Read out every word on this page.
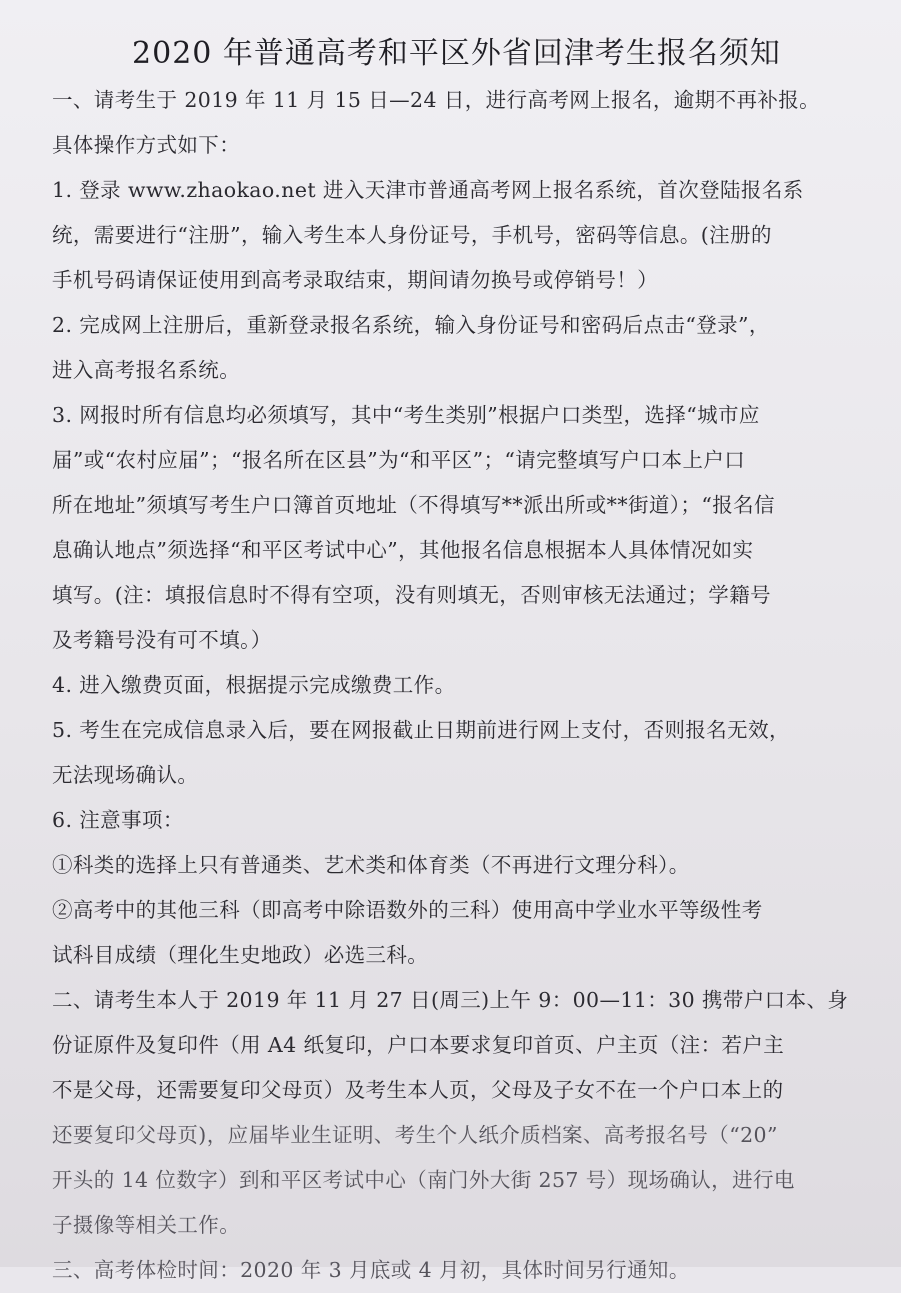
2020 年普通高考和平区外省回津考生报名须知

一、请考生于 2019 年 11 月 15 日—24 日，进行高考网上报名，逾期不再补报。

具体操作方式如下：

1. 登录 www.zhaokao.net 进入天津市普通高考网上报名系统，首次登陆报名系

统，需要进行“注册”，输入考生本人身份证号，手机号，密码等信息。(注册的

手机号码请保证使用到高考录取结束，期间请勿换号或停销号！）

2. 完成网上注册后，重新登录报名系统，输入身份证号和密码后点击“登录”，

进入高考报名系统。

3. 网报时所有信息均必须填写，其中“考生类别”根据户口类型，选择“城市应

届”或“农村应届”；“报名所在区县”为“和平区”；“请完整填写户口本上户口

所在地址”须填写考生户口簿首页地址（不得填写**派出所或**街道）；“报名信

息确认地点”须选择“和平区考试中心”，其他报名信息根据本人具体情况如实

填写。(注：填报信息时不得有空项，没有则填无，否则审核无法通过；学籍号

及考籍号没有可不填。）

4. 进入缴费页面，根据提示完成缴费工作。

5. 考生在完成信息录入后，要在网报截止日期前进行网上支付，否则报名无效，

无法现场确认。

6. 注意事项：

①科类的选择上只有普通类、艺术类和体育类（不再进行文理分科）。

②高考中的其他三科（即高考中除语数外的三科）使用高中学业水平等级性考

试科目成绩（理化生史地政）必选三科。

二、请考生本人于 2019 年 11 月 27 日(周三)上午 9：00—11：30 携带户口本、身

份证原件及复印件（用 A4 纸复印，户口本要求复印首页、户主页（注：若户主

不是父母，还需要复印父母页）及考生本人页，父母及子女不在一个户口本上的

还要复印父母页)，应届毕业生证明、考生个人纸介质档案、高考报名号（“20”

开头的 14 位数字）到和平区考试中心（南门外大街 257 号）现场确认，进行电

子摄像等相关工作。

三、高考体检时间：2020 年 3 月底或 4 月初，具体时间另行通知。
